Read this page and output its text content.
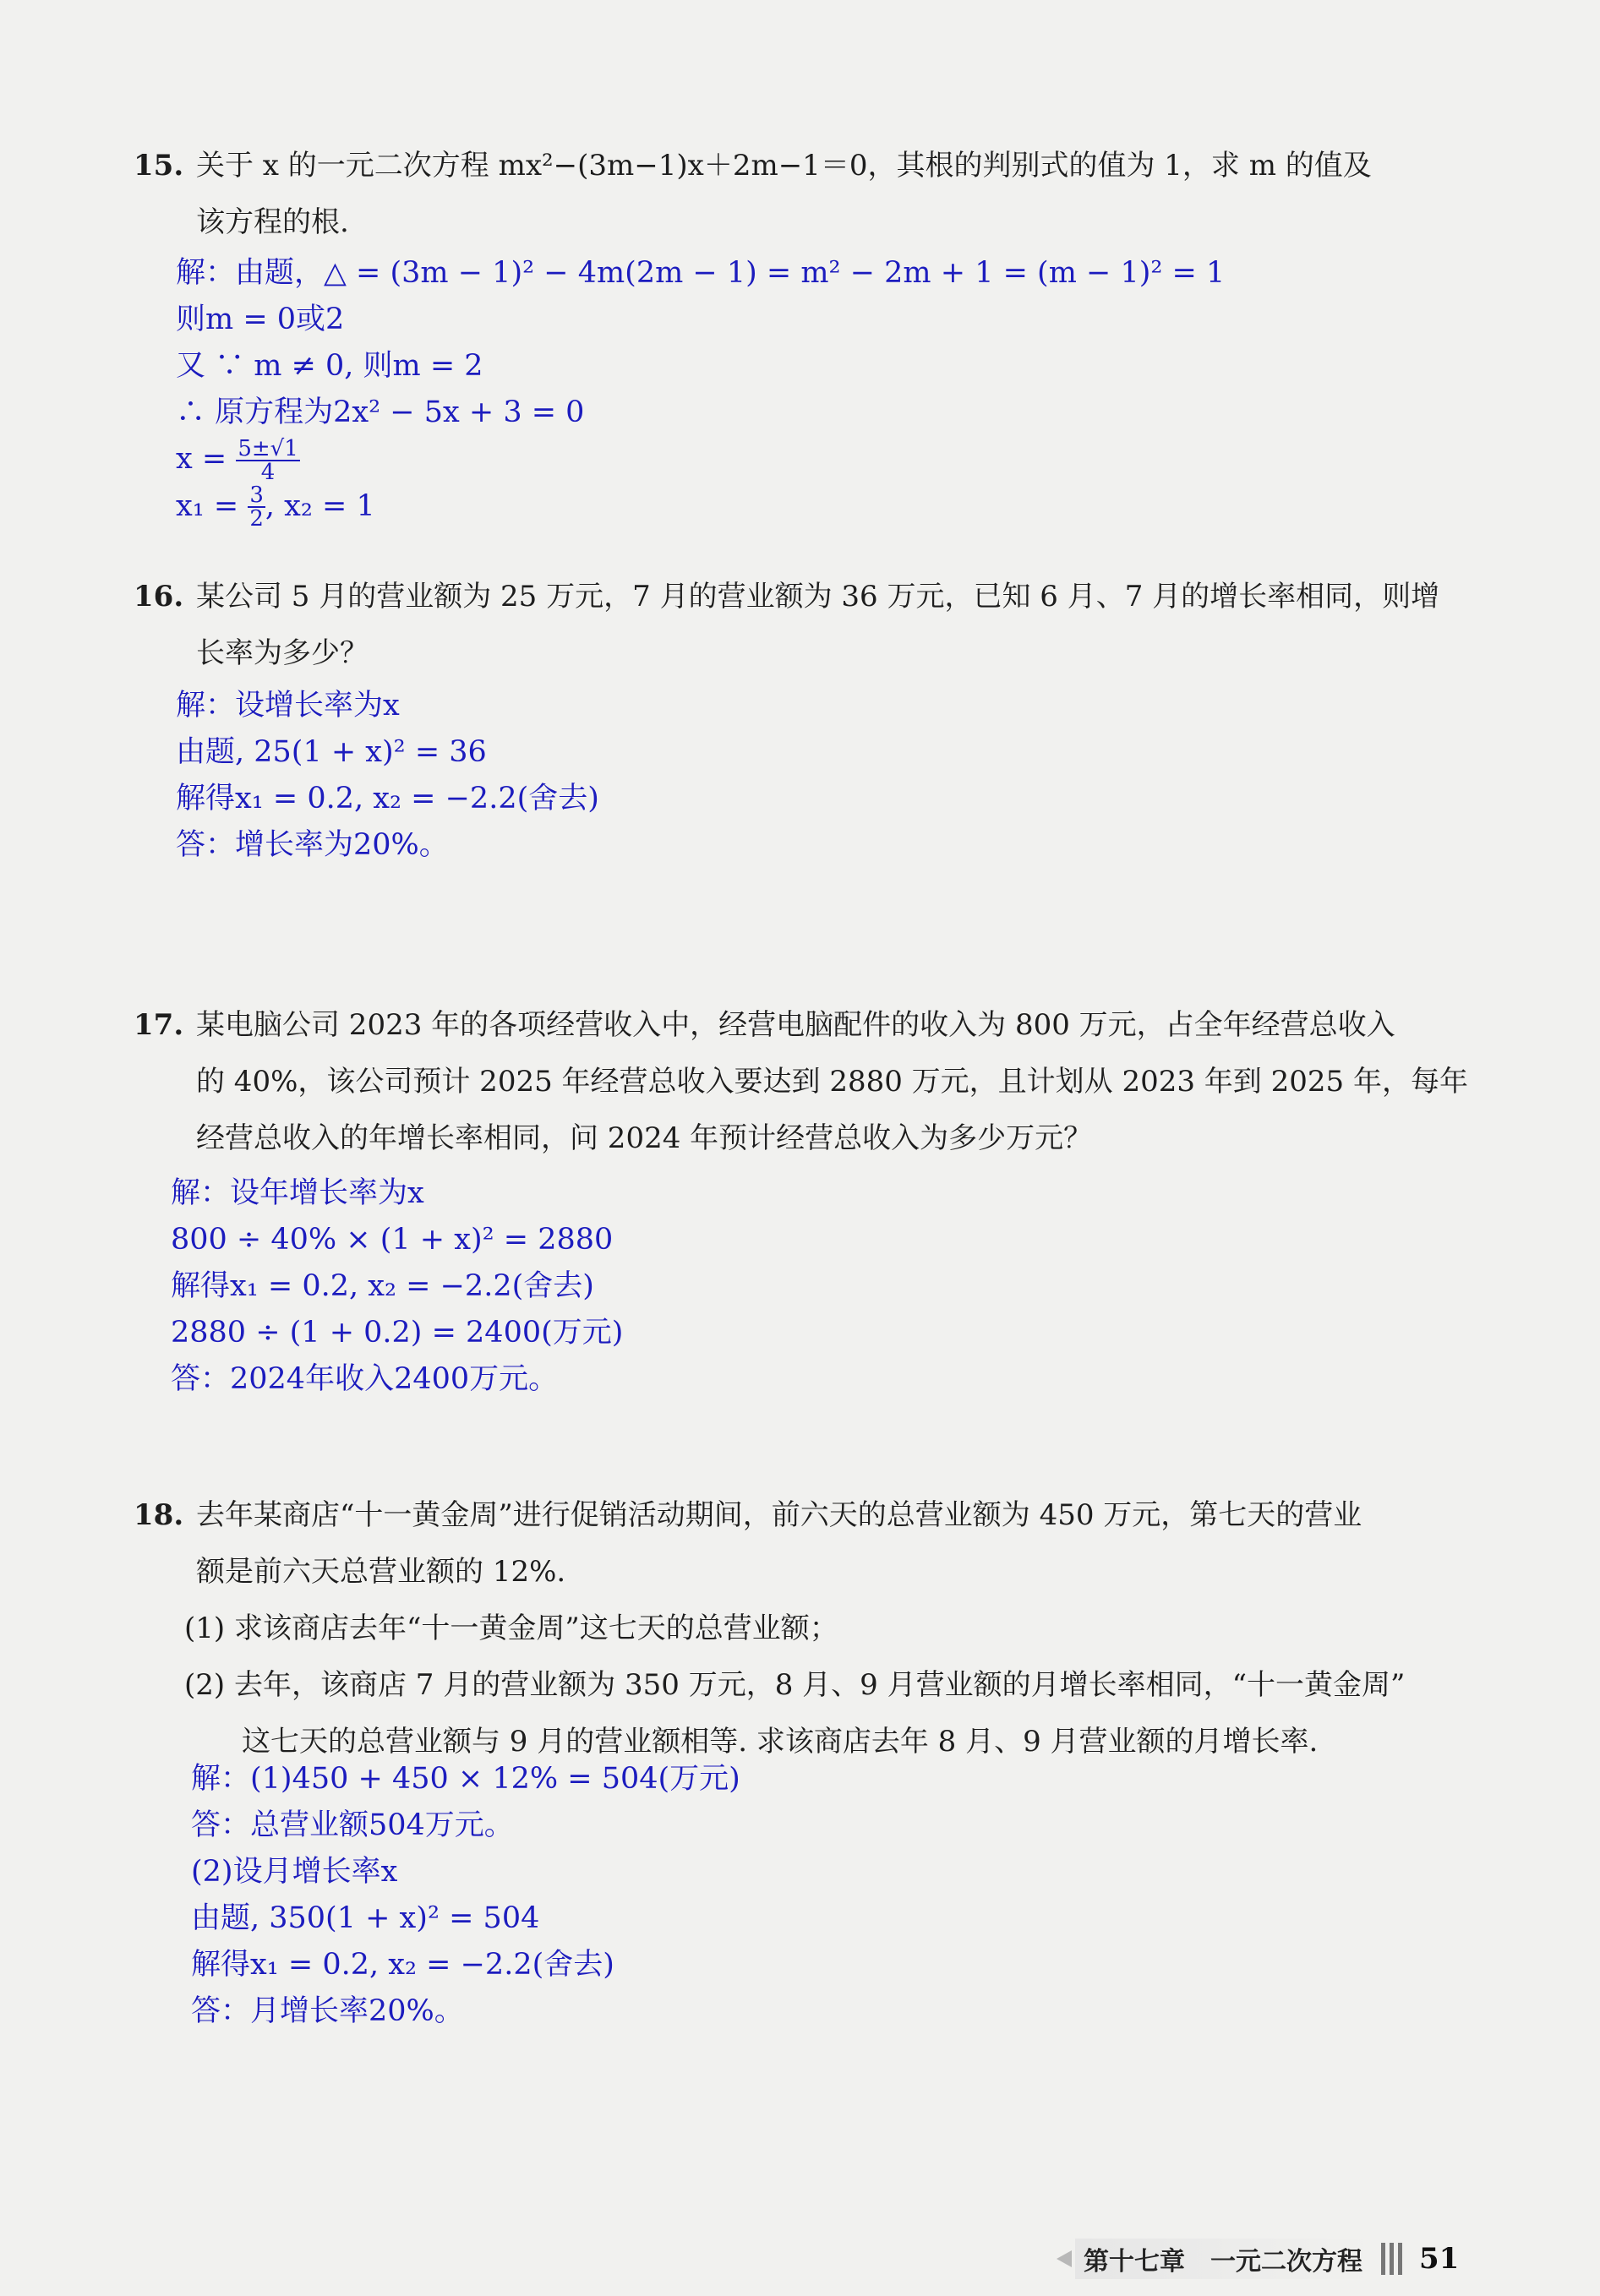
15. 关于 x 的一元二次方程 mx²−(3m−1)x＋2m−1＝0，其根的判别式的值为 1，求 m 的值及
该方程的根.
解：由题，△ = (3m − 1)² − 4m(2m − 1) = m² − 2m + 1 = (m − 1)² = 1
则m = 0或2
又 ∵ m ≠ 0, 则m = 2
∴ 原方程为2x² − 5x + 3 = 0
$x = \frac{5\pm√1}{4}$
$x_1 = \frac{3}{2}$ , x₂ = 1
16. 某公司 5 月的营业额为 25 万元，7 月的营业额为 36 万元，已知 6 月、7 月的增长率相同，则增
长率为多少？
解：设增长率为x
由题, 25(1 + x)² = 36
解得x₁ = 0.2, x₂ = −2.2(舍去)
答：增长率为20%。
17. 某电脑公司 2023 年的各项经营收入中，经营电脑配件的收入为 800 万元，占全年经营总收入
的 40%，该公司预计 2025 年经营总收入要达到 2880 万元，且计划从 2023 年到 2025 年，每年
经营总收入的年增长率相同，问 2024 年预计经营总收入为多少万元？
解：设年增长率为x
800 ÷ 40% × (1 + x)² = 2880
解得x₁ = 0.2, x₂ = −2.2(舍去)
2880 ÷ (1 + 0.2) = 2400(万元)
答：2024年收入2400万元。
18. 去年某商店“十一黄金周”进行促销活动期间，前六天的总营业额为 450 万元，第七天的营业
额是前六天总营业额的 12%.
(1) 求该商店去年“十一黄金周”这七天的总营业额；
(2) 去年，该商店 7 月的营业额为 350 万元，8 月、9 月营业额的月增长率相同，“十一黄金周”
这七天的总营业额与 9 月的营业额相等. 求该商店去年 8 月、9 月营业额的月增长率.
解：(1)450 + 450 × 12% = 504(万元)
答：总营业额504万元。
(2)设月增长率x
由题, 350(1 + x)² = 504
解得x₁ = 0.2, x₂ = −2.2(舍去)
答：月增长率20%。
第十七章　一元二次方程 51
